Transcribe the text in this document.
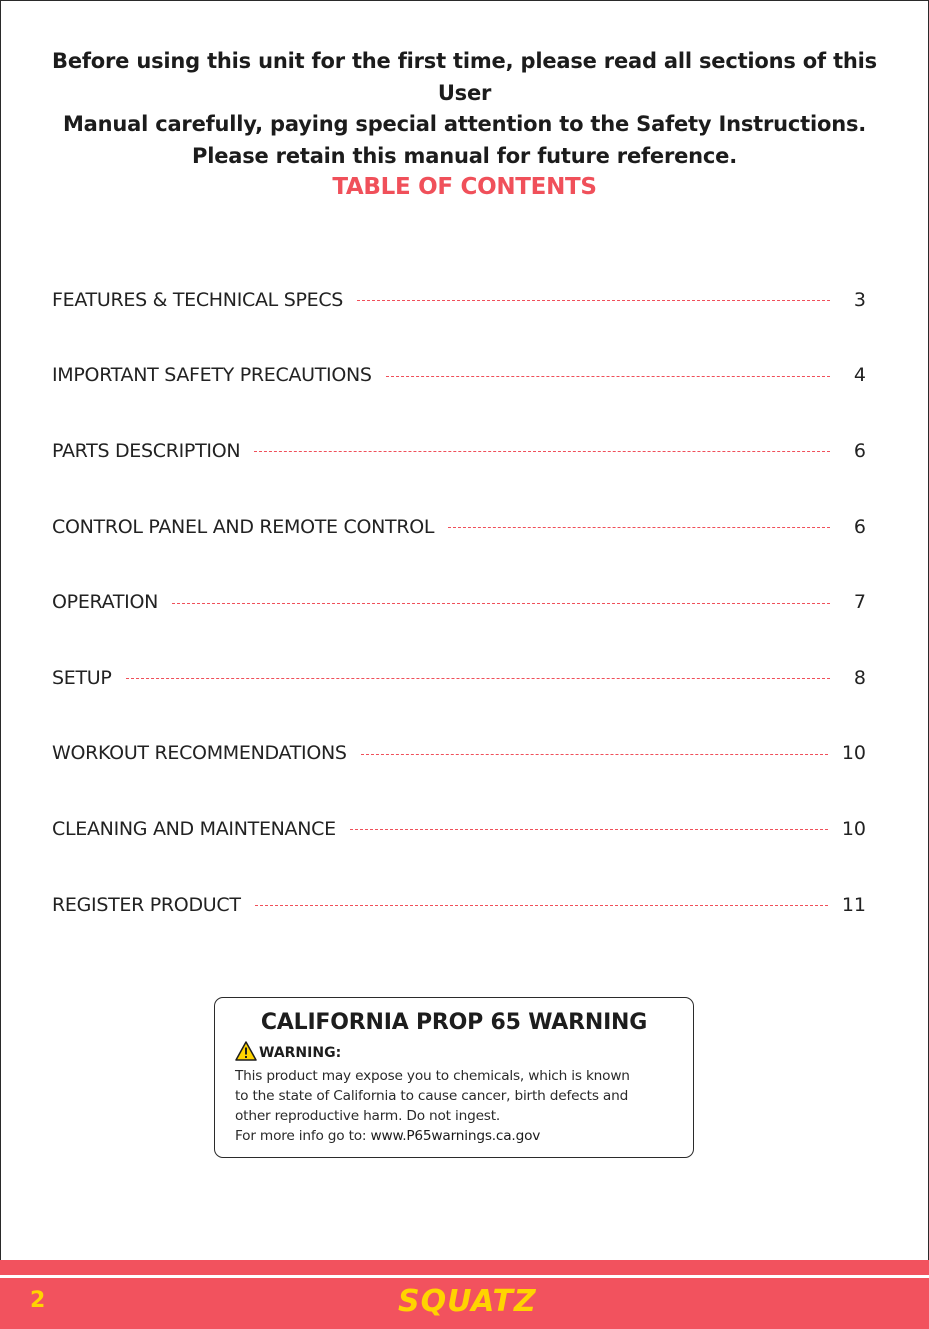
Before using this unit for the first time, please read all sections of this User
Manual carefully, paying special attention to the Safety Instructions.
Please retain this manual for future reference.
TABLE OF CONTENTS
FEATURES & TECHNICAL SPECS	3
IMPORTANT SAFETY PRECAUTIONS	4
PARTS DESCRIPTION	6
CONTROL PANEL AND REMOTE CONTROL	6
OPERATION	7
SETUP	8
WORKOUT RECOMMENDATIONS	10
CLEANING AND MAINTENANCE	10
REGISTER PRODUCT	11
CALIFORNIA PROP 65 WARNING
WARNING:
This product may expose you to chemicals, which is known
to the state of California to cause cancer, birth defects and
other reproductive harm. Do not ingest.
For more info go to: www.P65warnings.ca.gov
2	SQUATZ
